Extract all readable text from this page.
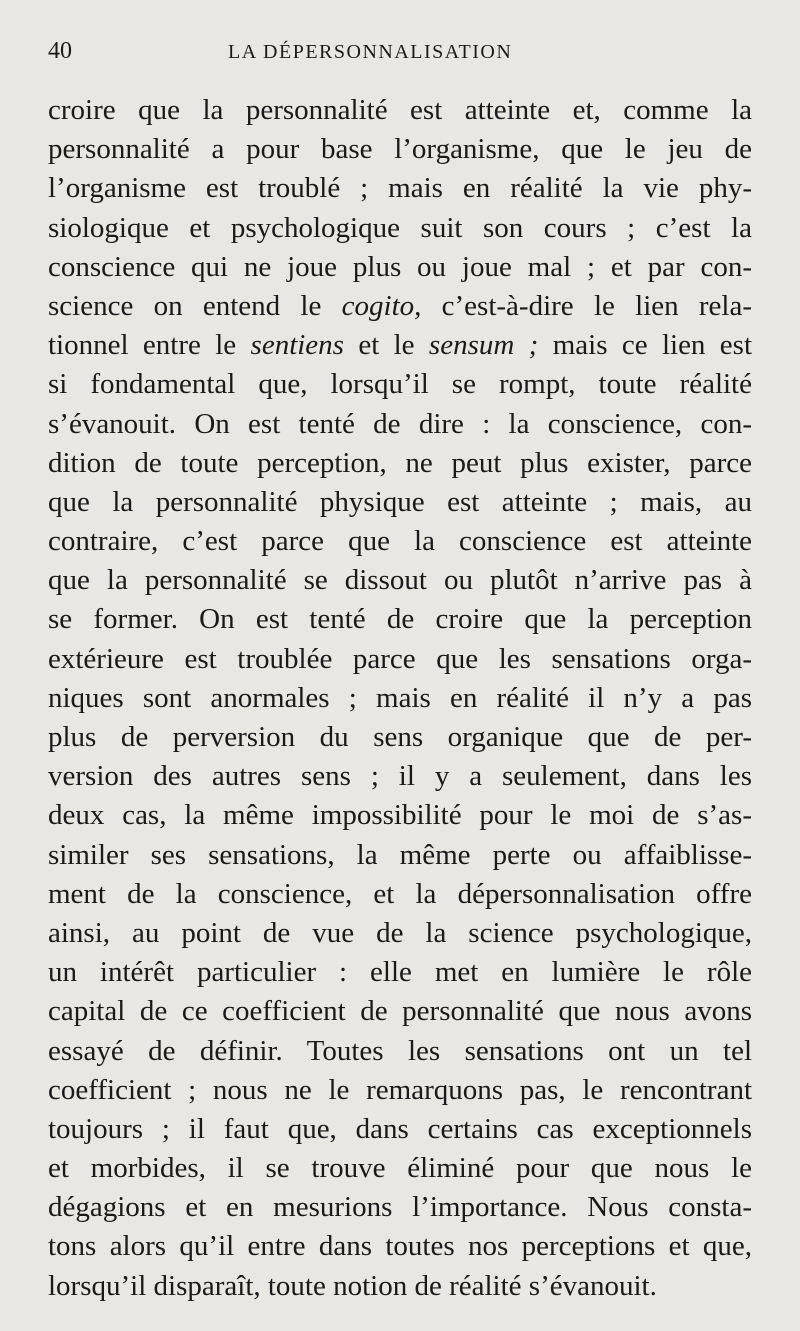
40	LA DÉPERSONNALISATION
croire que la personnalité est atteinte et, comme la
personnalité a pour base l’organisme, que le jeu de
l’organisme est troublé ; mais en réalité la vie phy-
siologique et psychologique suit son cours ; c’est la
conscience qui ne joue plus ou joue mal ; et par con-
science on entend le cogito, c’est-à-dire le lien rela-
tionnel entre le sentiens et le sensum ; mais ce lien est
si fondamental que, lorsqu’il se rompt, toute réalité
s’évanouit. On est tenté de dire : la conscience, con-
dition de toute perception, ne peut plus exister, parce
que la personnalité physique est atteinte ; mais, au
contraire, c’est parce que la conscience est atteinte
que la personnalité se dissout ou plutôt n’arrive pas à
se former. On est tenté de croire que la perception
extérieure est troublée parce que les sensations orga-
niques sont anormales ; mais en réalité il n’y a pas
plus de perversion du sens organique que de per-
version des autres sens ; il y a seulement, dans les
deux cas, la même impossibilité pour le moi de s’as-
similer ses sensations, la même perte ou affaiblisse-
ment de la conscience, et la dépersonnalisation offre
ainsi, au point de vue de la science psychologique,
un intérêt particulier : elle met en lumière le rôle
capital de ce coefficient de personnalité que nous avons
essayé de définir. Toutes les sensations ont un tel
coefficient ; nous ne le remarquons pas, le rencontrant
toujours ; il faut que, dans certains cas exceptionnels
et morbides, il se trouve éliminé pour que nous le
dégagions et en mesurions l’importance. Nous consta-
tons alors qu’il entre dans toutes nos perceptions et que,
lorsqu’il disparaît, toute notion de réalité s’évanouit.
